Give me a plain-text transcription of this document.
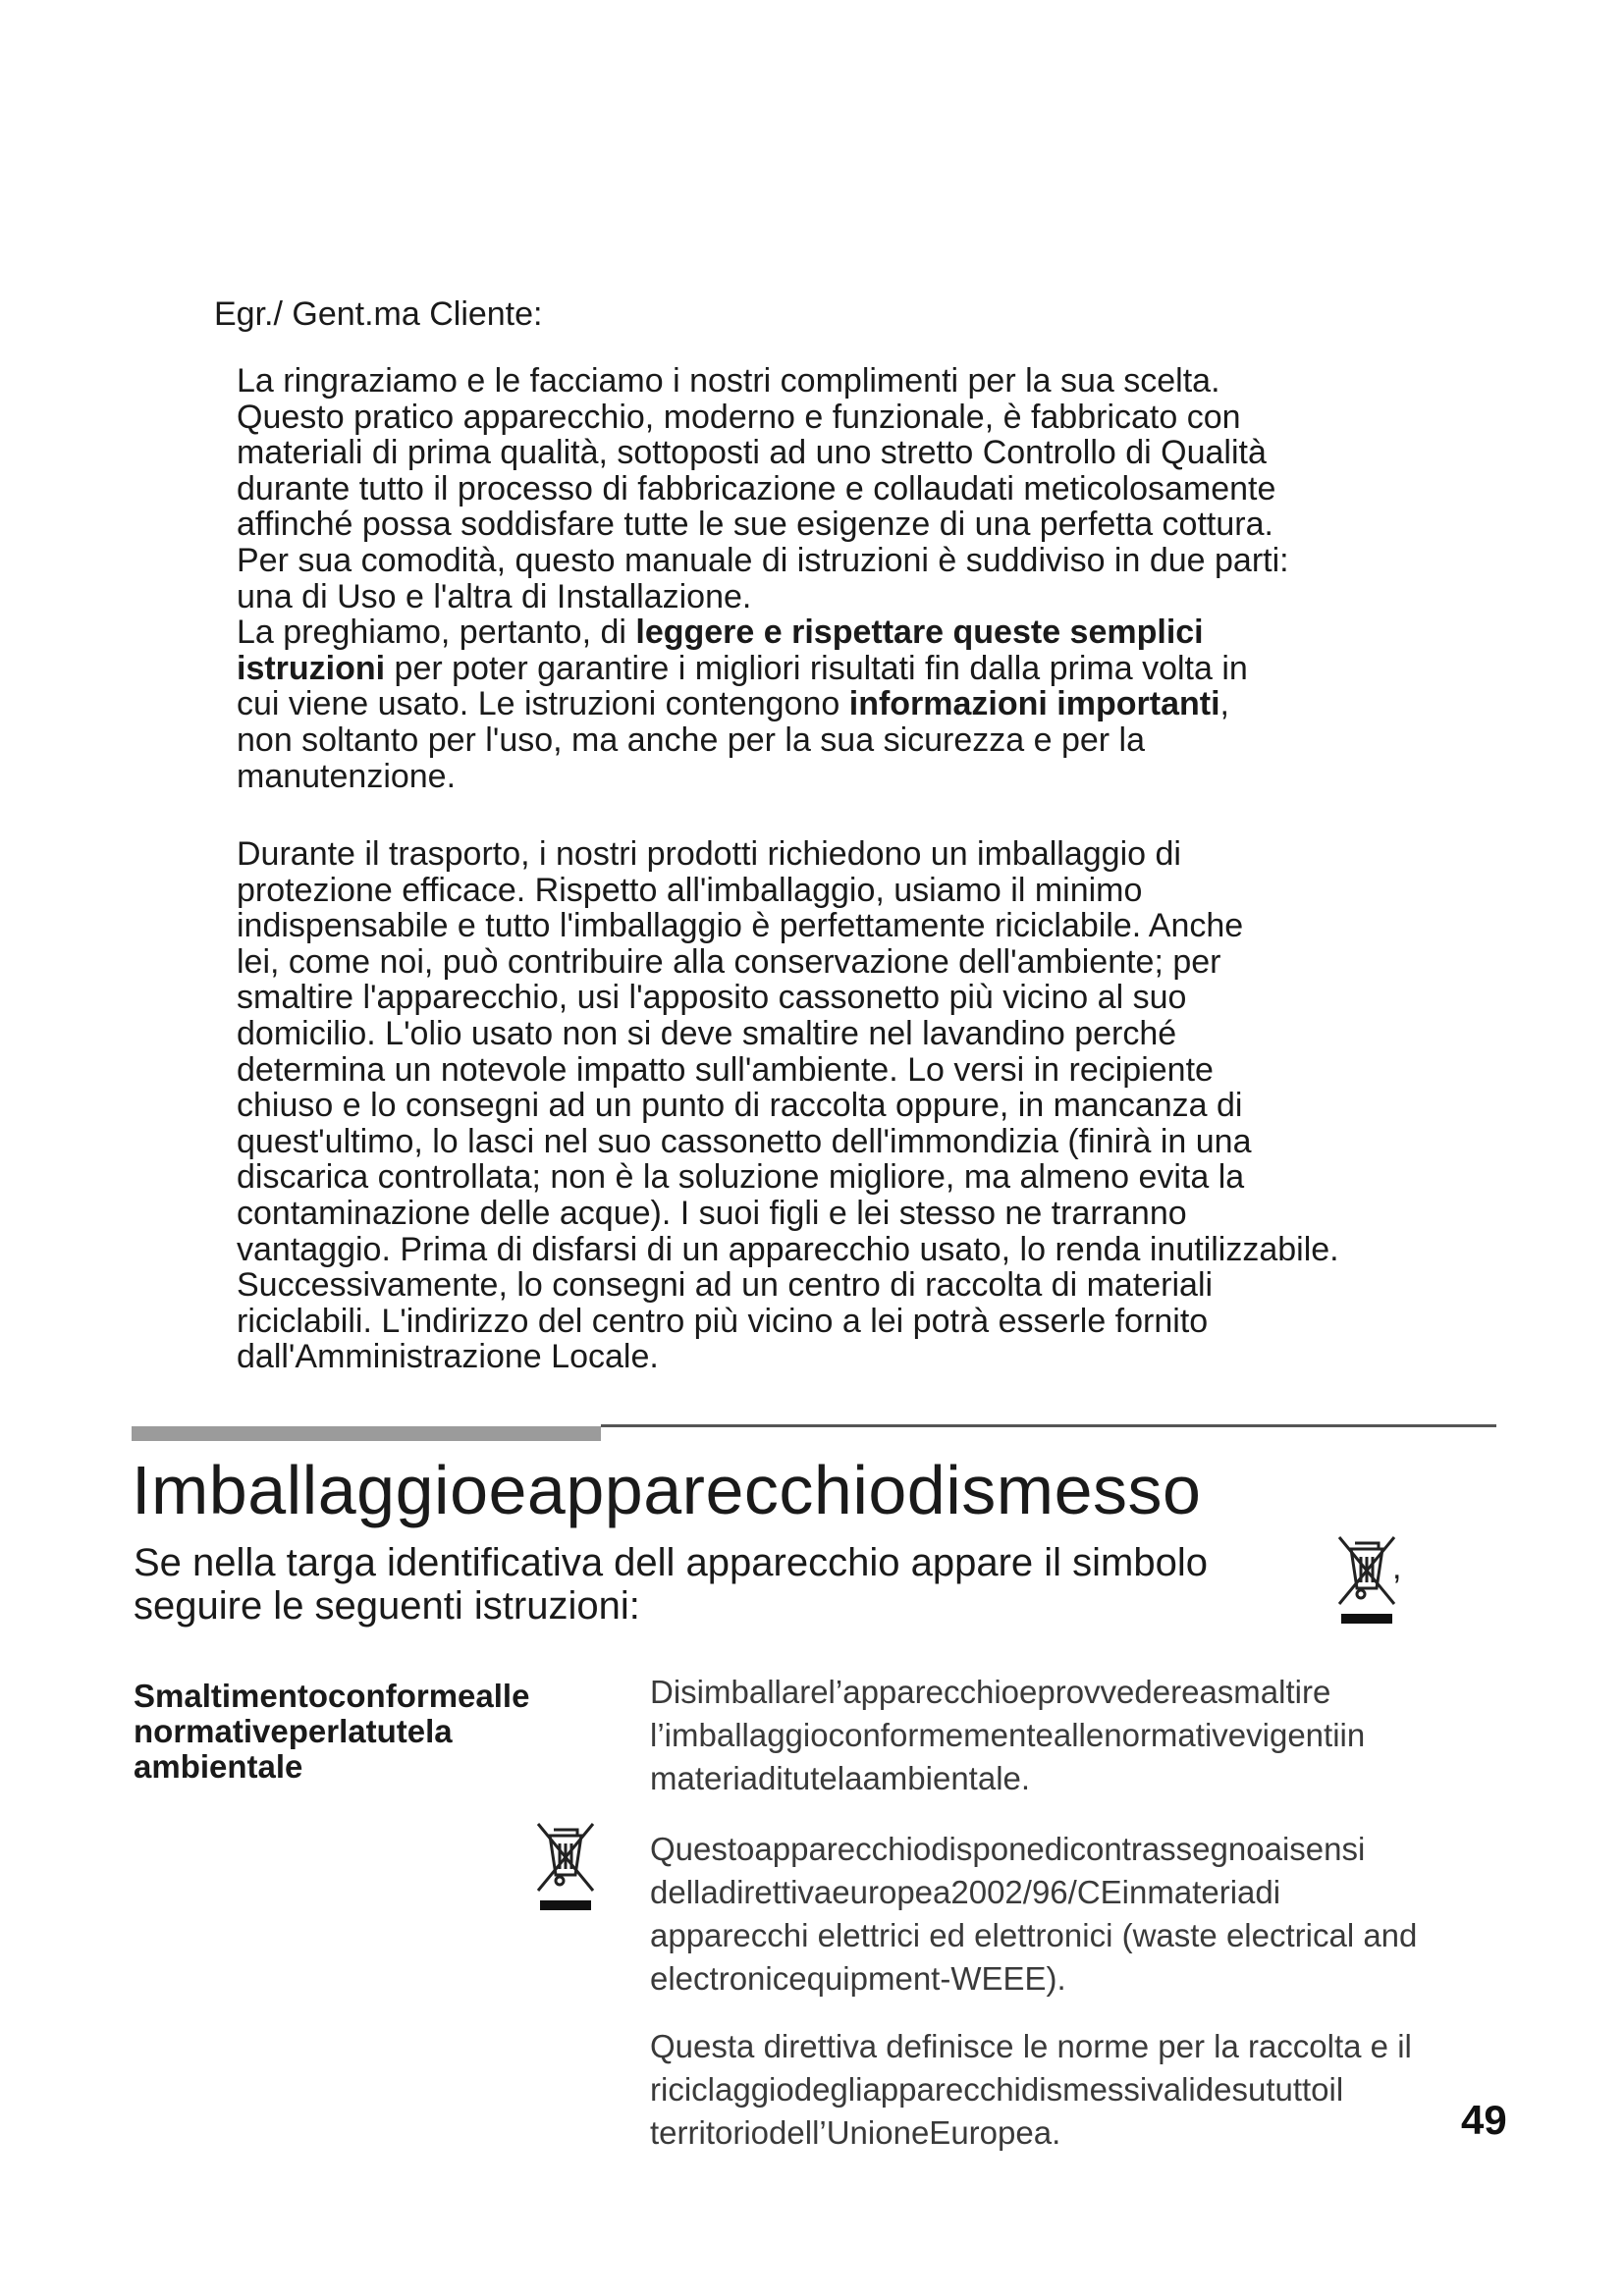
Egr./ Gent.ma Cliente:

La ringraziamo e le facciamo i nostri complimenti per la sua scelta.
Questo pratico apparecchio, moderno e funzionale, è fabbricato con
materiali di prima qualità, sottoposti ad uno stretto Controllo di Qualità
durante tutto il processo di fabbricazione e collaudati meticolosamente
affinché possa soddisfare tutte le sue esigenze di una perfetta cottura.
Per sua comodità, questo manuale di istruzioni è suddiviso in due parti:
una di Uso e l'altra di Installazione.
La preghiamo, pertanto, di leggere e rispettare queste semplici
istruzioni per poter garantire i migliori risultati fin dalla prima volta in
cui viene usato. Le istruzioni contengono informazioni importanti,
non soltanto per l'uso, ma anche per la sua sicurezza e per la
manutenzione.

Durante il trasporto, i nostri prodotti richiedono un imballaggio di
protezione efficace. Rispetto all'imballaggio, usiamo il minimo
indispensabile e tutto l'imballaggio è perfettamente riciclabile. Anche
lei, come noi, può contribuire alla conservazione dell'ambiente; per
smaltire l'apparecchio, usi l'apposito cassonetto più vicino al suo
domicilio. L'olio usato non si deve smaltire nel lavandino perché
determina un notevole impatto sull'ambiente. Lo versi in recipiente
chiuso e lo consegni ad un punto di raccolta oppure, in mancanza di
quest'ultimo, lo lasci nel suo cassonetto dell'immondizia (finirà in una
discarica controllata; non è la soluzione migliore, ma almeno evita la
contaminazione delle acque). I suoi figli e lei stesso ne trarranno
vantaggio. Prima di disfarsi di un apparecchio usato, lo renda inutilizzabile.
Successivamente, lo consegni ad un centro di raccolta di materiali
riciclabili. L'indirizzo del centro più vicino a lei potrà esserle fornito
dall'Amministrazione Locale.

Imballaggioeapparecchiodismesso

Se nella targa identificativa dell apparecchio appare il simbolo
seguire le seguenti istruzioni:

,

Smaltimentoconformealle
normativeperlatutela
ambientale

Disimballarel’apparecchioeprovvedereasmaltire
l’imballaggioconformementeallenormativevigentiin
materiaditutelaambientale.

Questoapparecchiodisponedicontrassegnoaisensi
delladirettivaeuropea2002/96/CEinmateriadi
apparecchi elettrici ed elettronici (waste electrical and
electronicequipment-WEEE).

Questa direttiva definisce le norme per la raccolta e il
riciclaggiodegliapparecchidismessivalidesututtoil
territoriodell’UnioneEuropea.	49
